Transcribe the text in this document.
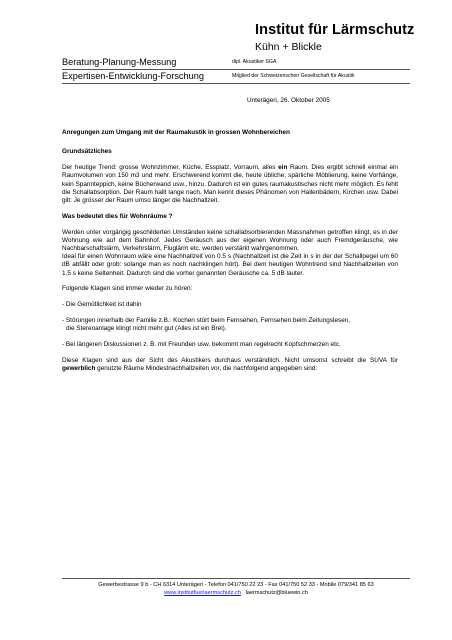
Institut für Lärmschutz
Kühn + Blickle
Beratung-Planung-Messung	dipl. Akustiker SGA
Expertisen-Entwicklung-Forschung	Mitglied der Schweizerischen Gesellschaft für Akustik

Unterägeri, 26. Oktober 2005

Anregungen zum Umgang mit der Raumakustik in grossen Wohnbereichen

Grundsätzliches

Der heutige Trend: grosse Wohnzimmer, Küche, Essplatz, Vorraum, alles ein Raum. Dies ergibt schnell einmal ein Raumvolumen von 150 m3 und mehr. Erschwerend kommt die, heute übliche, spärliche Möblierung, keine Vorhänge, kein Spannteppich, keine Bücherwand usw., hinzu. Dadurch ist ein gutes raumakustisches nicht mehr möglich. Es fehlt die Schallabsorption. Der Raum hallt lange nach. Man kennt dieses Phänomen von Hallenbädern, Kirchen usw. Dabei gilt: Je grösser der Raum umso länger die Nachhallzeit.

Was bedeutet dies für Wohnräume ?

Werden unter vorgängig geschilderten Umständen keine schallabsorbierenden Massnahmen getroffen klingt, es in der Wohnung wie auf dem Bahnhof. Jedes Geräusch aus der eigenen Wohnung oder auch Fremdgeräusche, wie Nachbarschaftslärm, Verkehrslärm, Fluglärm etc. werden verstärkt wahrgenommen.

Ideal für einen Wohnraum wäre eine Nachhallzeit von 0.5 s (Nachhallzeit ist die Zeit in s in der der Schallpegel um 60 dB abfällt oder grob: solange man es noch nachklingen hört). Bei dem heutigen Wohntrend sind Nachhallzeiten von 1.5 s keine Seltenheit. Dadurch sind die vorher genannten Geräusche ca. 5 dB lauter.

Folgende Klagen sind immer wieder zu hören:

- Die Gemütlichkeit ist dahin

- Störungen innerhalb der Familie z.B.: Kochen stört beim Fernsehen, Fernsehen beim Zeitungslesen,
die Stereoanlage klingt nicht mehr gut (Alles ist ein Brei).

- Bei längeren Diskussionen z. B. mit Freunden usw. bekommt man regelrecht Kopfschmerzen etc.

Diese Klagen sind aus der Sicht des Akustikers durchaus verständlich. Nicht umsonst schreibt die SUVA für gewerblich genutzte Räume Mindestnachhallzeiten vor, die nachfolgend angegeben sind:

Gewerbestrasse 9 b - CH 6314 Unterägeri - Telefon 041/750 22 23 - Fax 041/750 52 33 - Mobile 079/341 85 63
www.institutfuerlaermschutz.ch laermschutz@bluewin.ch
